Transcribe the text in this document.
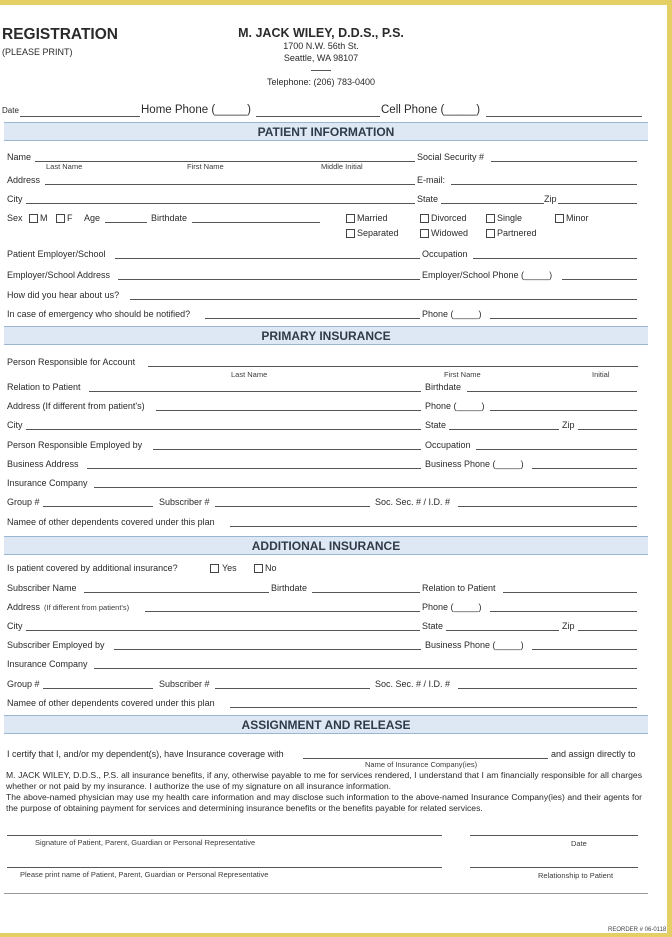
REGISTRATION
(PLEASE PRINT)
M. JACK WILEY, D.D.S., P.S.
1700 N.W. 56th St.
Seattle, WA 98107
Telephone: (206) 783-0400
Date	Home Phone (_____)	Cell Phone (_____)
PATIENT INFORMATION
Name
Last Name	First Name	Middle Initial
Social Security #
Address	E-mail:
City	State	Zip
Sex M F Age	Birthdate	Married	Divorced	Single	Minor
Separated	Widowed	Partnered
Patient Employer/School	Occupation
Employer/School Address	Employer/School Phone (_____)
How did you hear about us?
In case of emergency who should be notified?	Phone (_____)
PRIMARY INSURANCE
Person Responsible for Account
Last Name	First Name	Initial
Relation to Patient	Birthdate
Address (If different from patient's)	Phone (_____)
City	State	Zip
Person Responsible Employed by	Occupation
Business Address	Business Phone (_____)
Insurance Company
Group #	Subscriber #	Soc. Sec. # / I.D. #
Namee of other dependents covered under this plan
ADDITIONAL INSURANCE
Is patient covered by additional insurance?	Yes	No
Subscriber Name	Birthdate	Relation to Patient
Address (If different from patient's)	Phone (_____)
City	State	Zip
Subscriber Employed by	Business Phone (_____)
Insurance Company
Group #	Subscriber #	Soc. Sec. # / I.D. #
Namee of other dependents covered under this plan
ASSIGNMENT AND RELEASE
I certify that I, and/or my dependent(s), have Insurance coverage with	and assign directly to
Name of Insurance Company(ies)
M. JACK WILEY, D.D.S., P.S. all insurance benefits, if any, otherwise payable to me for services rendered, I understand that I am financially responsible for all charges whether or not paid by my insurance. I authorize the use of my signature on all insurance information.
The above-named physician may use my health care information and may disclose such information to the above-named Insurance Company(ies) and their agents for the purpose of obtaining payment for services and determining insurance benefits or the benefits payable for related services.
Signature of Patient, Parent, Guardian or Personal Representative	Date
Please print name of Patient, Parent, Guardian or Personal Representative	Relationship to Patient
REORDER # 06-0118
